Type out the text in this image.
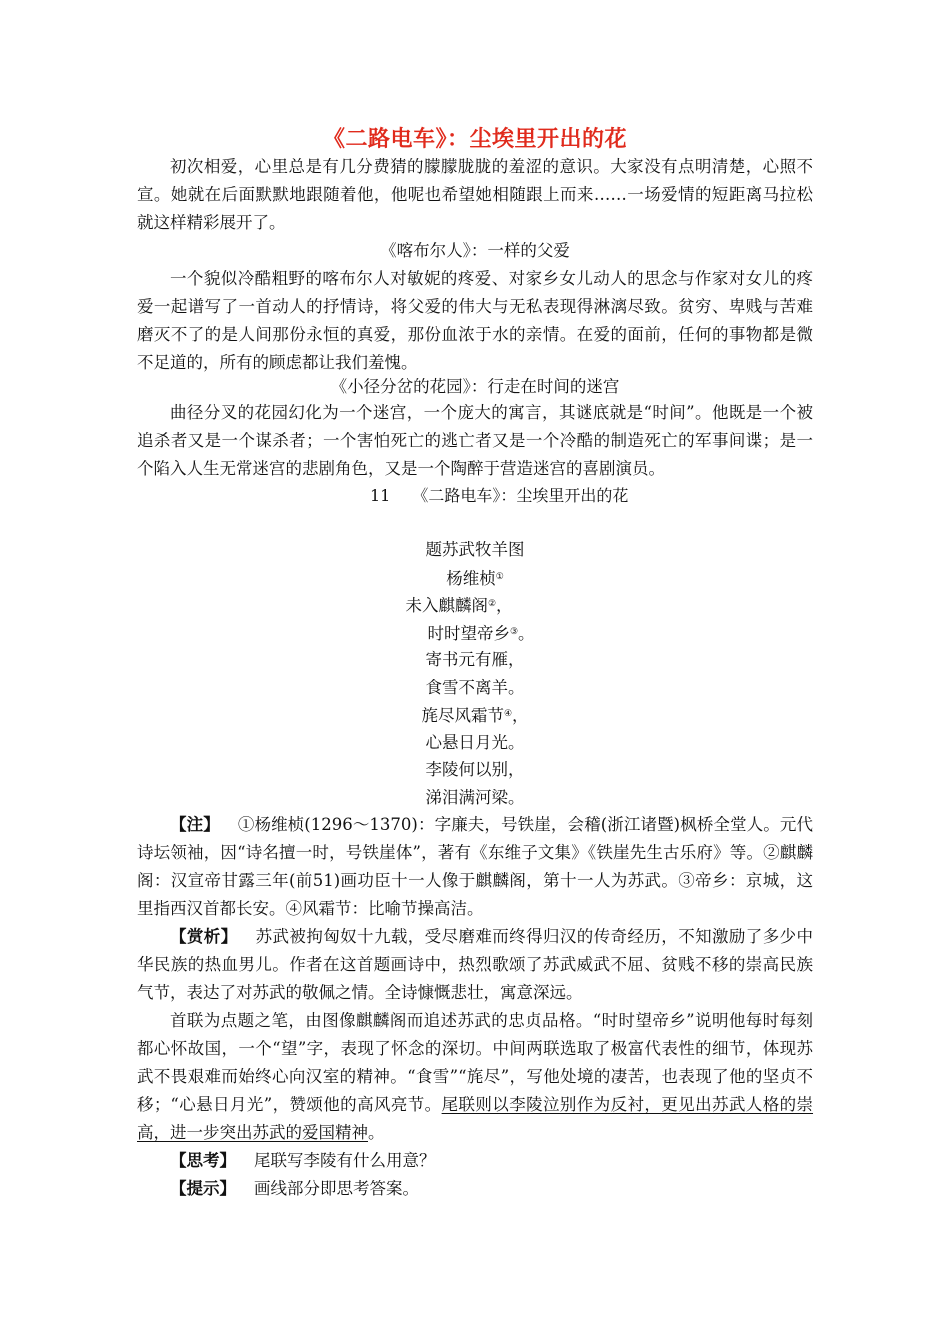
《二路电车》：尘埃里开出的花

初次相爱，心里总是有几分费猜的朦朦胧胧的羞涩的意识。大家没有点明清楚，心照不宣。她就在后面默默地跟随着他，他呢也希望她相随跟上而来……一场爱情的短距离马拉松就这样精彩展开了。

《喀布尔人》：一样的父爱

一个貌似冷酷粗野的喀布尔人对敏妮的疼爱、对家乡女儿动人的思念与作家对女儿的疼爱一起谱写了一首动人的抒情诗，将父爱的伟大与无私表现得淋漓尽致。贫穷、卑贱与苦难磨灭不了的是人间那份永恒的真爱，那份血浓于水的亲情。在爱的面前，任何的事物都是微不足道的，所有的顾虑都让我们羞愧。

《小径分岔的花园》：行走在时间的迷宫

曲径分叉的花园幻化为一个迷宫，一个庞大的寓言，其谜底就是“时间”。他既是一个被追杀者又是一个谋杀者；一个害怕死亡的逃亡者又是一个冷酷的制造死亡的军事间谍；是一个陷入人生无常迷宫的悲剧角色，又是一个陶醉于营造迷宫的喜剧演员。

11 《二路电车》：尘埃里开出的花
题苏武牧羊图
杨维桢①
未入麒麟阁②，
时时望帝乡③。
寄书元有雁，
食雪不离羊。
旄尽风霜节④，
心悬日月光。
李陵何以别，
涕泪满河梁。

【注】 ①杨维桢(1296～1370)：字廉夫，号铁崖，会稽(浙江诸暨)枫桥全堂人。元代诗坛领袖，因“诗名擅一时，号铁崖体”，著有《东维子文集》《铁崖先生古乐府》等。②麒麟阁：汉宣帝甘露三年(前51)画功臣十一人像于麒麟阁，第十一人为苏武。③帝乡：京城，这里指西汉首都长安。④风霜节：比喻节操高洁。

【赏析】 苏武被拘匈奴十九载，受尽磨难而终得归汉的传奇经历，不知激励了多少中华民族的热血男儿。作者在这首题画诗中，热烈歌颂了苏武威武不屈、贫贱不移的崇高民族气节，表达了对苏武的敬佩之情。全诗慷慨悲壮，寓意深远。

首联为点题之笔，由图像麒麟阁而追述苏武的忠贞品格。“时时望帝乡”说明他每时每刻都心怀故国，一个“望”字，表现了怀念的深切。中间两联选取了极富代表性的细节，体现苏武不畏艰难而始终心向汉室的精神。“食雪”“旄尽”，写他处境的凄苦，也表现了他的坚贞不移；“心悬日月光”，赞颂他的高风亮节。尾联则以李陵泣别作为反衬，更见出苏武人格的崇高，进一步突出苏武的爱国精神。

【思考】 尾联写李陵有什么用意？

【提示】 画线部分即思考答案。
